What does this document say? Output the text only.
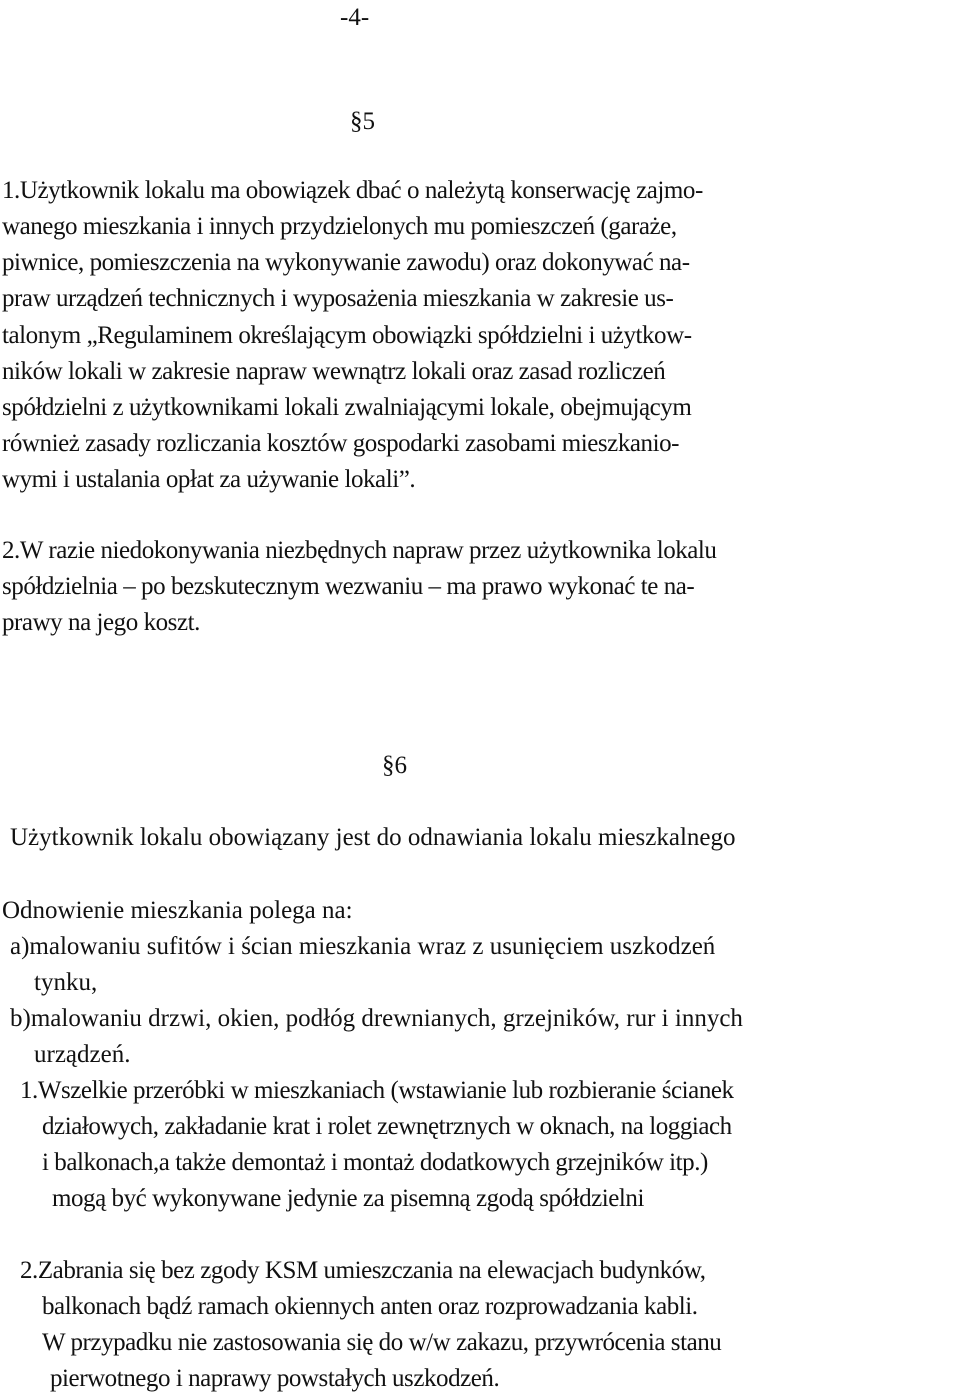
-4-
§5
1.Użytkownik lokalu ma obowiązek dbać o należytą konserwację zajmo-
wanego mieszkania i innych przydzielonych mu pomieszczeń (garaże,
piwnice, pomieszczenia na wykonywanie zawodu) oraz dokonywać na-
praw urządzeń technicznych i wyposażenia mieszkania w zakresie us-
talonym „Regulaminem określającym obowiązki spółdzielni i użytkow-
ników lokali w zakresie napraw wewnątrz lokali oraz zasad rozliczeń
spółdzielni z użytkownikami lokali zwalniającymi lokale, obejmującym
również zasady rozliczania kosztów gospodarki zasobami mieszkanio-
wymi i ustalania opłat za używanie lokali”.
2.W razie niedokonywania niezbędnych napraw przez użytkownika lokalu
spółdzielnia – po bezskutecznym wezwaniu – ma prawo wykonać te na-
prawy na jego koszt.
§6
Użytkownik lokalu obowiązany jest do odnawiania lokalu mieszkalnego
Odnowienie mieszkania polega na:
a)malowaniu sufitów i ścian mieszkania wraz z usunięciem uszkodzeń
tynku,
b)malowaniu drzwi, okien, podłóg drewnianych, grzejników, rur i innych
urządzeń.
1.Wszelkie przeróbki w mieszkaniach (wstawianie lub rozbieranie ścianek
działowych, zakładanie krat i rolet zewnętrznych w oknach, na loggiach
i balkonach,a także demontaż i montaż dodatkowych grzejników itp.)
mogą być wykonywane jedynie za pisemną zgodą spółdzielni
2.Zabrania się bez zgody KSM umieszczania na elewacjach budynków,
balkonach bądź ramach okiennych anten oraz rozprowadzania kabli.
W przypadku nie zastosowania się do w/w zakazu, przywrócenia stanu
pierwotnego i naprawy powstałych uszkodzeń.
